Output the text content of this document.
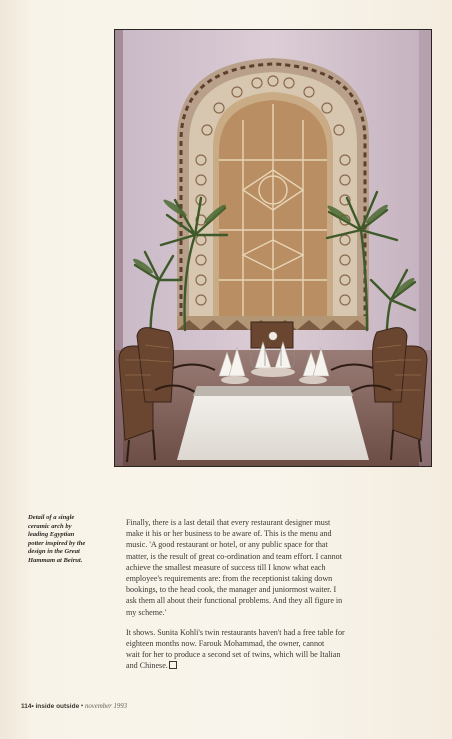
Detail of a single
ceramic arch by
leading Egyptian
potter inspired by the
design in the Great
Hammam at Beirut.

Finally, there is a last detail that every restaurant designer must
make it his or her business to be aware of. This is the menu and
music. 'A good restaurant or hotel, or any public space for that
matter, is the result of great co-ordination and team effort. I cannot
achieve the smallest measure of success till I know what each
employee's requirements are: from the receptionist taking down
bookings, to the head cook, the manager and juniormost waiter. I
ask them all about their functional problems. And they all figure in
my scheme.'

It shows. Sunita Kohli's twin restaurants haven't had a free table for
eighteen months now. Farouk Mohammad, the owner, cannot
wait for her to produce a second set of twins, which will be Italian
and Chinese.

114• inside outside • november 1993
